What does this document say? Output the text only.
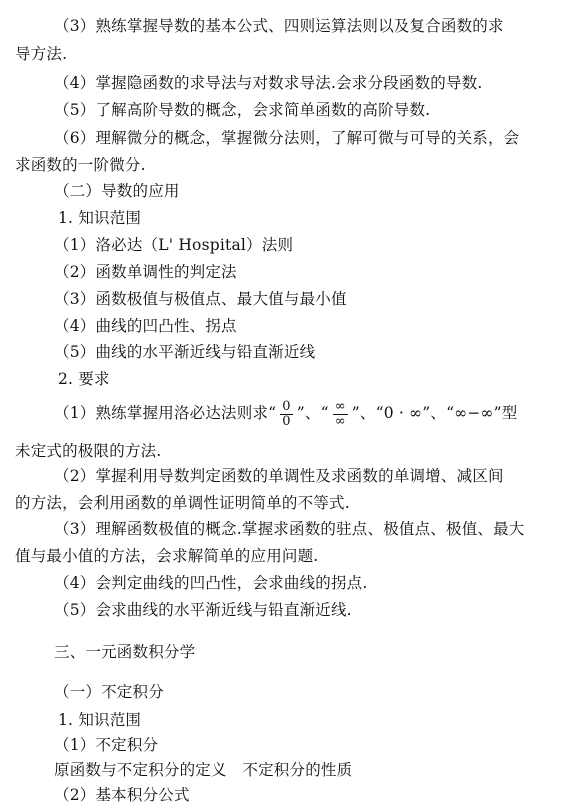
（3）熟练掌握导数的基本公式、四则运算法则以及复合函数的求
导方法.
（4）掌握隐函数的求导法与对数求导法.会求分段函数的导数.
（5）了解高阶导数的概念，会求简单函数的高阶导数.
（6）理解微分的概念，掌握微分法则，了解可微与可导的关系，会
求函数的一阶微分.
（二）导数的应用
1. 知识范围
（1）洛必达（L' Hospital）法则
（2）函数单调性的判定法
（3）函数极值与极值点、最大值与最小值
（4）曲线的凹凸性、拐点
（5）曲线的水平渐近线与铅直渐近线
2. 要求
（1）熟练掌握用洛必达法则求“ $\frac{0}{0}$ ”、“ $\frac{\infty}{\infty}$ ”、“0 · ∞”、“∞−∞”型
未定式的极限的方法.
（2）掌握利用导数判定函数的单调性及求函数的单调增、减区间
的方法，会利用函数的单调性证明简单的不等式.
（3）理解函数极值的概念.掌握求函数的驻点、极值点、极值、最大
值与最小值的方法，会求解简单的应用问题.
（4）会判定曲线的凹凸性，会求曲线的拐点.
（5）会求曲线的水平渐近线与铅直渐近线.
三、一元函数积分学
（一）不定积分
1. 知识范围
（1）不定积分
原函数与不定积分的定义　不定积分的性质
（2）基本积分公式
